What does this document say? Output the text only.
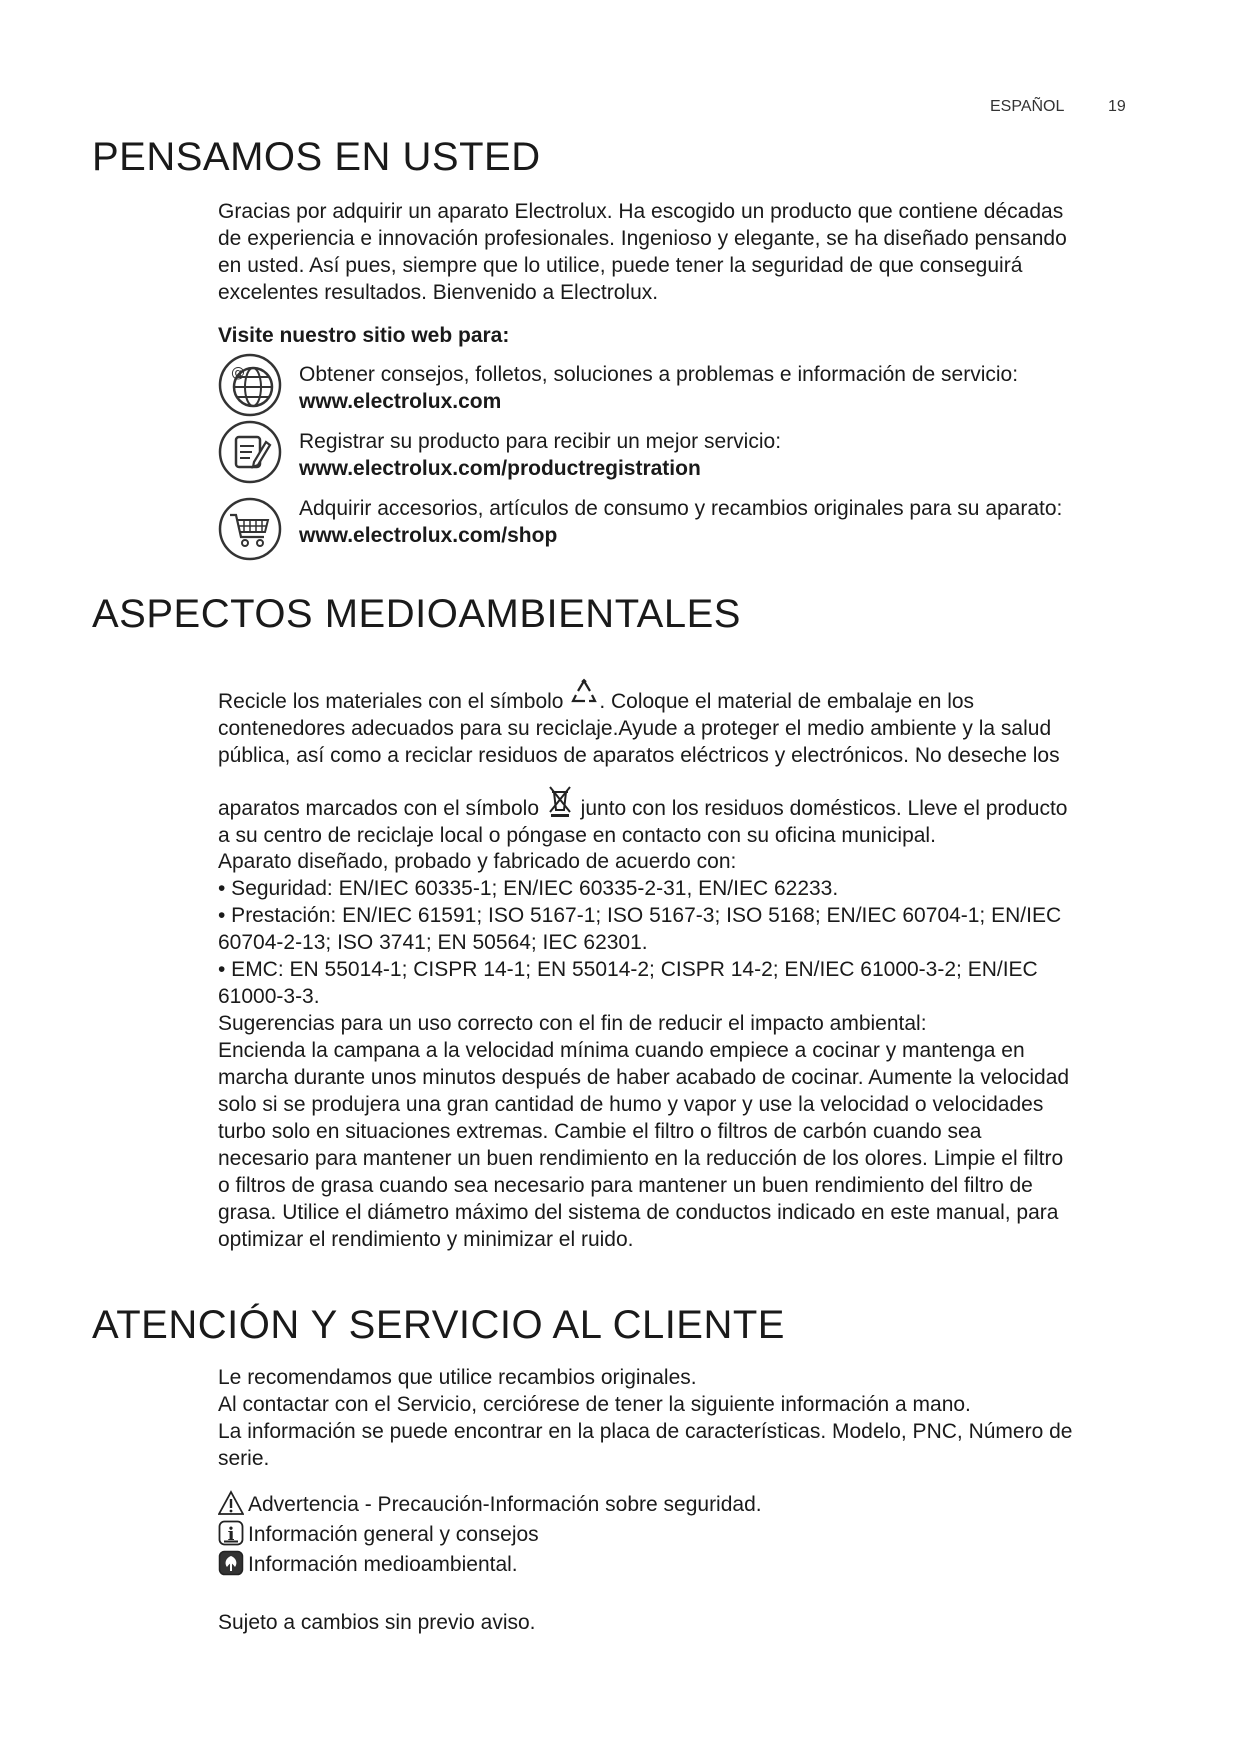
ESPAÑOL	19
PENSAMOS EN USTED
Gracias por adquirir un aparato Electrolux. Ha escogido un producto que contiene décadas
de experiencia e innovación profesionales. Ingenioso y elegante, se ha diseñado pensando
en usted. Así pues, siempre que lo utilice, puede tener la seguridad de que conseguirá
excelentes resultados. Bienvenido a Electrolux.
Visite nuestro sitio web para:
@	Obtener consejos, folletos, soluciones a problemas e información de servicio:
www.electrolux.com
Registrar su producto para recibir un mejor servicio:
www.electrolux.com/productregistration
Adquirir accesorios, artículos de consumo y recambios originales para su aparato:
www.electrolux.com/shop
ASPECTOS MEDIOAMBIENTALES
Recicle los materiales con el símbolo . Coloque el material de embalaje en los
contenedores adecuados para su reciclaje.Ayude a proteger el medio ambiente y la salud
pública, así como a reciclar residuos de aparatos eléctricos y electrónicos. No deseche los
aparatos marcados con el símbolo  junto con los residuos domésticos. Lleve el producto
a su centro de reciclaje local o póngase en contacto con su oficina municipal.
Aparato diseñado, probado y fabricado de acuerdo con:
• Seguridad: EN/IEC 60335-1; EN/IEC 60335-2-31, EN/IEC 62233.
• Prestación: EN/IEC 61591; ISO 5167-1; ISO 5167-3; ISO 5168; EN/IEC 60704-1; EN/IEC
60704-2-13; ISO 3741; EN 50564; IEC 62301.
• EMC: EN 55014-1; CISPR 14-1; EN 55014-2; CISPR 14-2; EN/IEC 61000-3-2; EN/IEC
61000-3-3.
Sugerencias para un uso correcto con el fin de reducir el impacto ambiental:
Encienda la campana a la velocidad mínima cuando empiece a cocinar y mantenga en
marcha durante unos minutos después de haber acabado de cocinar. Aumente la velocidad
solo si se produjera una gran cantidad de humo y vapor y use la velocidad o velocidades
turbo solo en situaciones extremas. Cambie el filtro o filtros de carbón cuando sea
necesario para mantener un buen rendimiento en la reducción de los olores. Limpie el filtro
o filtros de grasa cuando sea necesario para mantener un buen rendimiento del filtro de
grasa. Utilice el diámetro máximo del sistema de conductos indicado en este manual, para
optimizar el rendimiento y minimizar el ruido.
ATENCIÓN Y SERVICIO AL CLIENTE
Le recomendamos que utilice recambios originales.
Al contactar con el Servicio, cerciórese de tener la siguiente información a mano.
La información se puede encontrar en la placa de características. Modelo, PNC, Número de
serie.
Advertencia - Precaución-Información sobre seguridad.
i Información general y consejos
Información medioambiental.
Sujeto a cambios sin previo aviso.
